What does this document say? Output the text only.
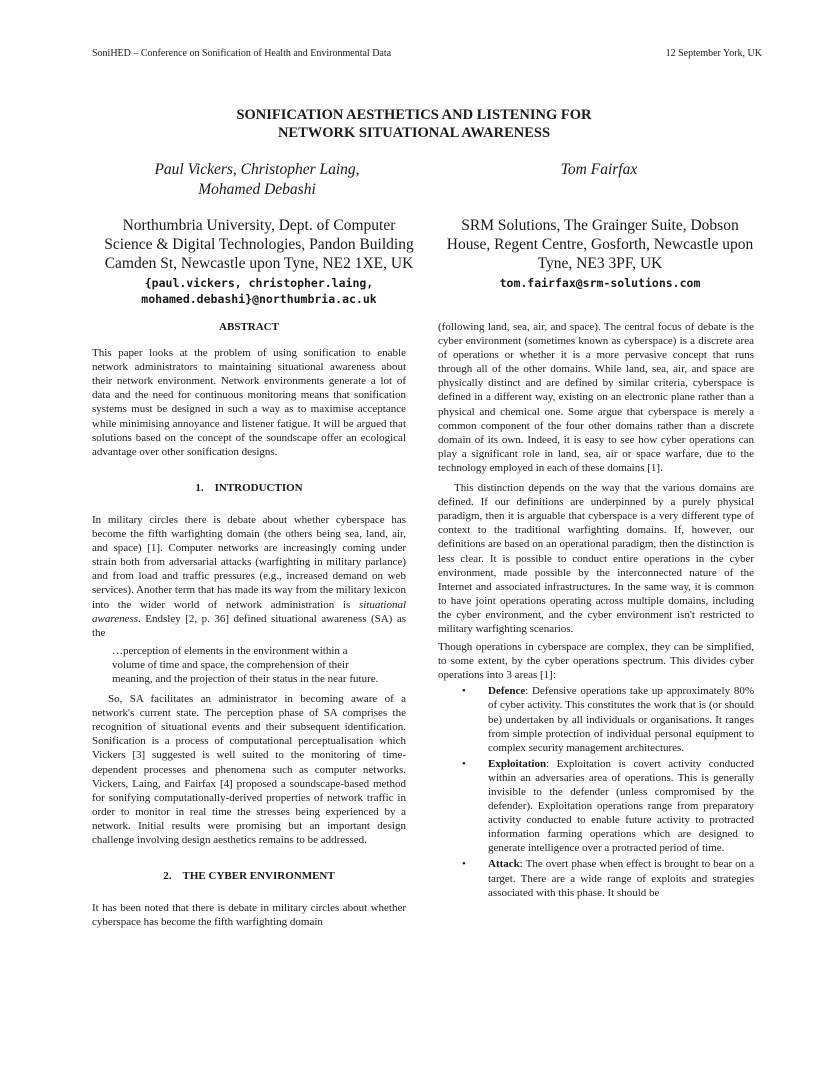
SoniHED – Conference on Sonification of Health and Environmental Data	12 September York, UK
SONIFICATION AESTHETICS AND LISTENING FOR
NETWORK SITUATIONAL AWARENESS
Paul Vickers, Christopher Laing,
Mohamed Debashi
Tom Fairfax
Northumbria University, Dept. of Computer
Science & Digital Technologies, Pandon Building
Camden St, Newcastle upon Tyne, NE2 1XE, UK
{paul.vickers, christopher.laing,
mohamed.debashi}@northumbria.ac.uk
SRM Solutions, The Grainger Suite, Dobson
House, Regent Centre, Gosforth, Newcastle upon
Tyne, NE3 3PF, UK
tom.fairfax@srm-solutions.com

ABSTRACT

This paper looks at the problem of using sonification to enable network administrators to maintaining situational awareness about their network environment. Network environments generate a lot of data and the need for continuous monitoring means that sonification systems must be designed in such a way as to maximise acceptance while minimising annoyance and listener fatigue. It will be argued that solutions based on the concept of the soundscape offer an ecological advantage over other sonification designs.

1.    INTRODUCTION

In military circles there is debate about whether cyberspace has become the fifth warfighting domain (the others being sea, land, air, and space) [1]. Computer networks are increasingly coming under strain both from adversarial attacks (warfighting in military parlance) and from load and traffic pressures (e.g., increased demand on web services). Another term that has made its way from the military lexicon into the wider world of network administration is situational awareness. Endsley [2, p. 36] defined situational awareness (SA) as the

…perception of elements in the environment within a volume of time and space, the comprehension of their meaning, and the projection of their status in the near future.

So, SA facilitates an administrator in becoming aware of a network's current state. The perception phase of SA comprises the recognition of situational events and their subsequent identification. Sonification is a process of computational perceptualisation which Vickers [3] suggested is well suited to the monitoring of time-dependent processes and phenomena such as computer networks. Vickers, Laing, and Fairfax [4] proposed a soundscape-based method for sonifying computationally-derived properties of network traffic in order to monitor in real time the stresses being experienced by a network. Initial results were promising but an important design challenge involving design aesthetics remains to be addressed.

2.    THE CYBER ENVIRONMENT

It has been noted that there is debate in military circles about whether cyberspace has become the fifth warfighting domain

(following land, sea, air, and space). The central focus of debate is the cyber environment (sometimes known as cyberspace) is a discrete area of operations or whether it is a more pervasive concept that runs through all of the other domains. While land, sea, air, and space are physically distinct and are defined by similar criteria, cyberspace is defined in a different way, existing on an electronic plane rather than a physical and chemical one. Some argue that cyberspace is merely a common component of the four other domains rather than a discrete domain of its own. Indeed, it is easy to see how cyber operations can play a significant role in land, sea, air or space warfare, due to the technology employed in each of these domains [1].

This distinction depends on the way that the various domains are defined. If our definitions are underpinned by a purely physical paradigm, then it is arguable that cyberspace is a very different type of context to the traditional warfighting domains. If, however, our definitions are based on an operational paradigm, then the distinction is less clear. It is possible to conduct entire operations in the cyber environment, made possible by the interconnected nature of the Internet and associated infrastructures. In the same way, it is common to have joint operations operating across multiple domains, including the cyber environment, and the cyber environment isn't restricted to military warfighting scenarios.

Though operations in cyberspace are complex, they can be simplified, to some extent, by the cyber operations spectrum. This divides cyber operations into 3 areas [1]:

• Defence: Defensive operations take up approximately 80% of cyber activity. This constitutes the work that is (or should be) undertaken by all individuals or organisations. It ranges from simple protection of individual personal equipment to complex security management architectures.
• Exploitation: Exploitation is covert activity conducted within an adversaries area of operations. This is generally invisible to the defender (unless compromised by the defender). Exploitation operations range from preparatory activity conducted to enable future activity to protracted information farming operations which are designed to generate intelligence over a protracted period of time.
• Attack: The overt phase when effect is brought to bear on a target. There are a wide range of exploits and strategies associated with this phase. It should be
